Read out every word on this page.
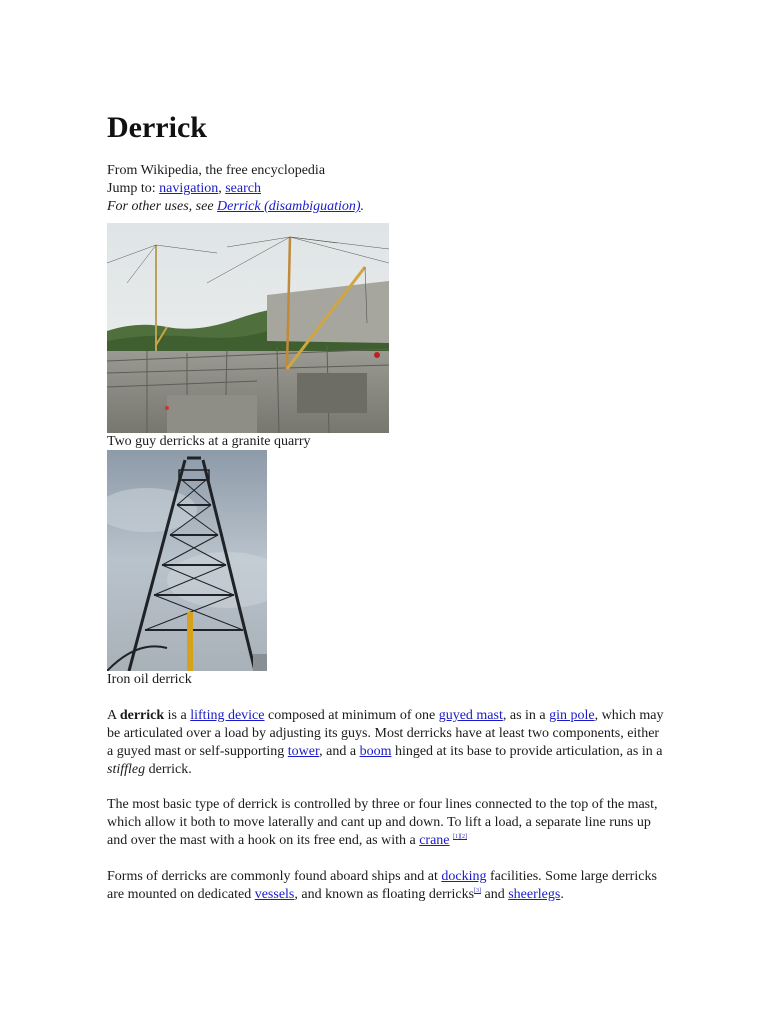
Derrick
From Wikipedia, the free encyclopedia
Jump to: navigation, search
For other uses, see Derrick (disambiguation).
Two guy derricks at a granite quarry
Iron oil derrick

A derrick is a lifting device composed at minimum of one guyed mast, as in a gin pole, which may be articulated over a load by adjusting its guys. Most derricks have at least two components, either a guyed mast or self-supporting tower, and a boom hinged at its base to provide articulation, as in a stiffleg derrick.

The most basic type of derrick is controlled by three or four lines connected to the top of the mast, which allow it both to move laterally and cant up and down. To lift a load, a separate line runs up and over the mast with a hook on its free end, as with a crane [1][2]

Forms of derricks are commonly found aboard ships and at docking facilities. Some large derricks are mounted on dedicated vessels, and known as floating derricks[3] and sheerlegs.
